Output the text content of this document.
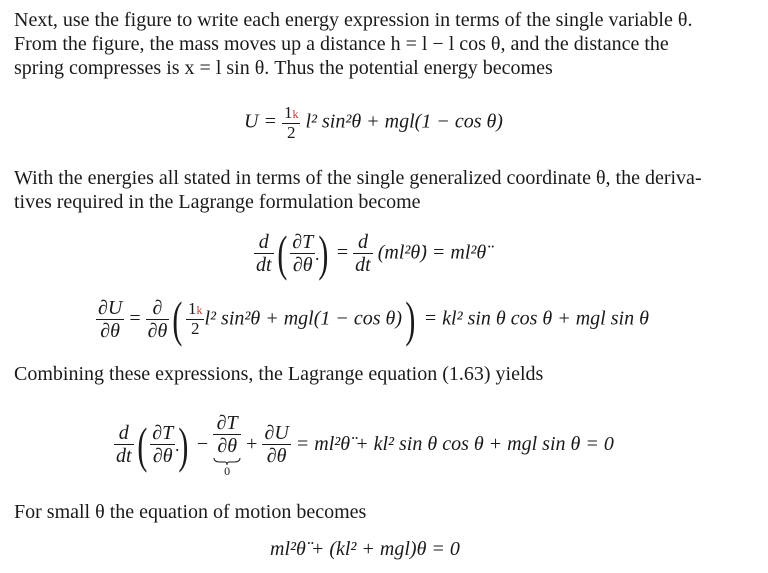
Next, use the figure to write each energy expression in terms of the single variable θ.
From the figure, the mass moves up a distance h = l − l cos θ, and the distance the
spring compresses is x = l sin θ. Thus the potential energy becomes
$U = \frac{1k}{2} l^2$ sin²θ + mgl(1 − cos θ)
With the energies all stated in terms of the single generalized coordinate θ, the deriva-
tives required in the Lagrange formulation become
$\frac{d}{dt}$ ( $\frac{\partial T}{\partial\thetȧ}$ ) = $\frac{d}{dt}$ (ml²θ̇) = ml²θ̈
$\frac{\partial U}{\partial\theta} = \frac{\partial}{\partial\theta}$ ( $\frac{1k}{2} l^2$ sin²θ + mgl(1 − cos θ)) = kl² sin θ cos θ + mgl sin θ
Combining these expressions, the Lagrange equation (1.63) yields
$\frac{d}{dt}$ ( $\frac{\partial T}{\partial\thetȧ}$ ) −
∂T
∂θ
0
+ $\frac{\partial U}{\partial\theta}$ = ml²θ̈ + kl² sin θ cos θ + mgl sin θ = 0
For small θ the equation of motion becomes
ml²θ̈ + (kl² + mgl)θ = 0
